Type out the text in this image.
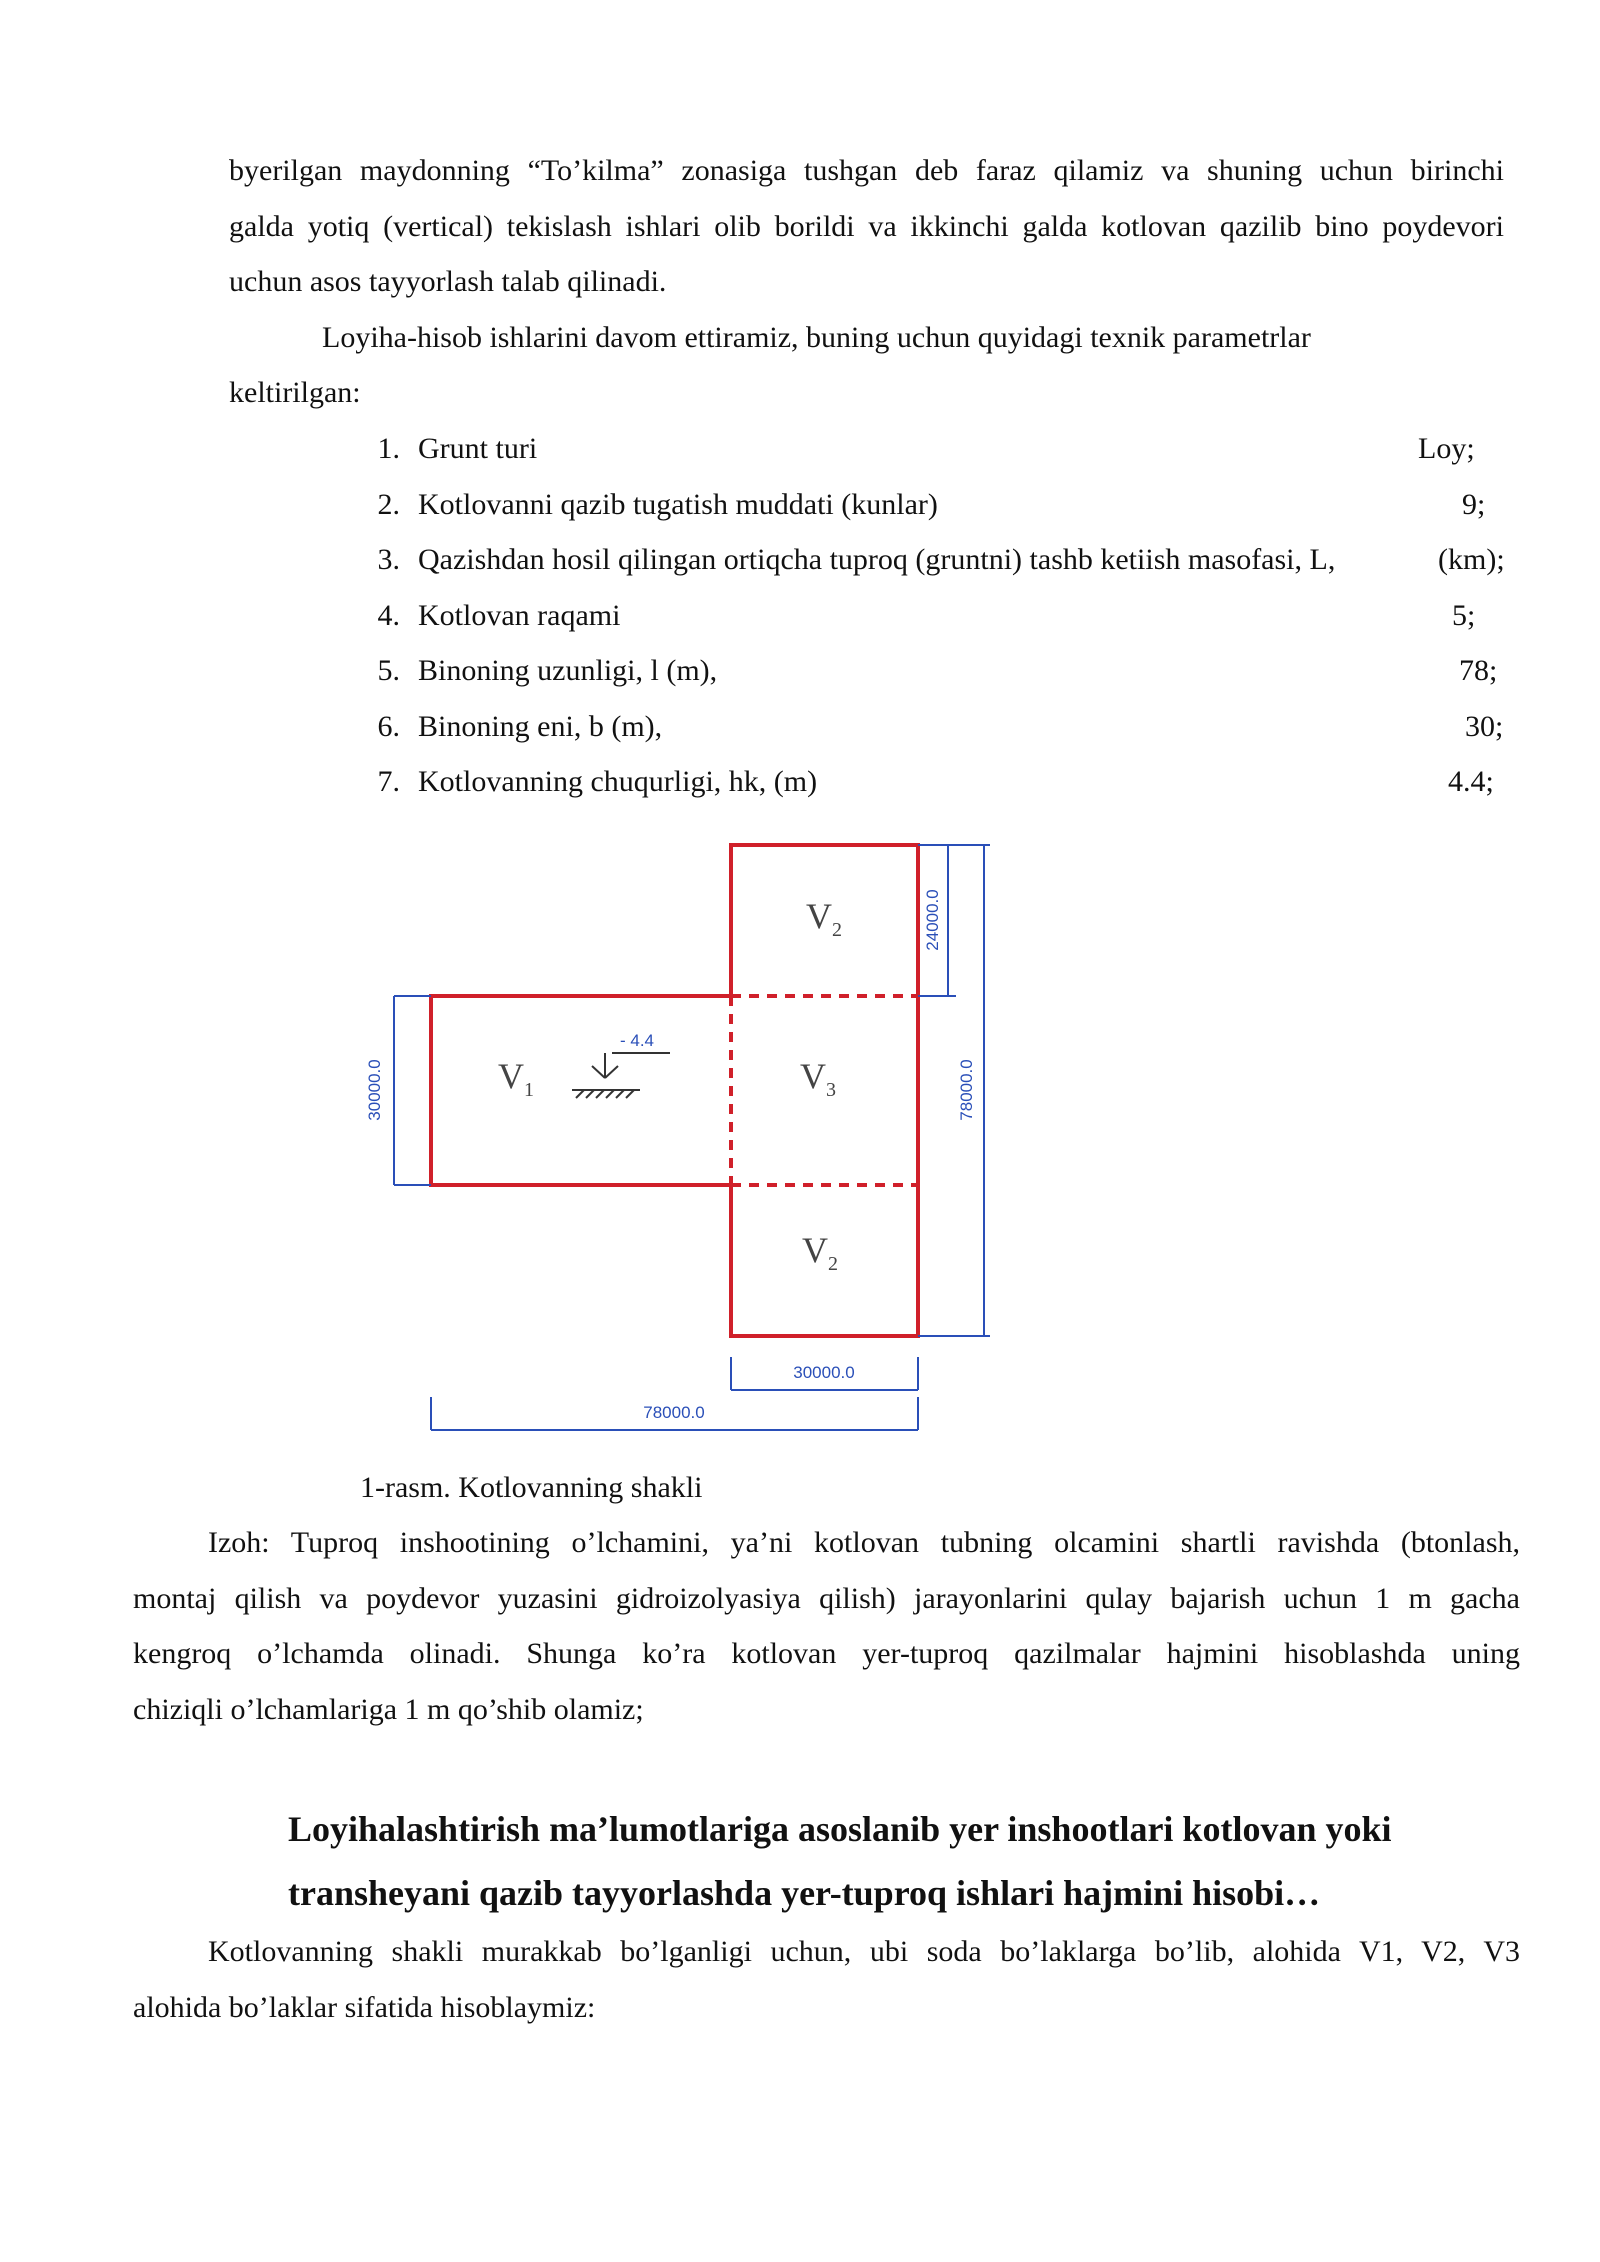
byerilgan maydonning “To’kilma” zonasiga tushgan deb faraz qilamiz va shuning uchun birinchi

galda yotiq (vertical) tekislash ishlari olib borildi va ikkinchi galda kotlovan qazilib bino poydevori

uchun asos tayyorlash talab qilinadi.

Loyiha-hisob ishlarini davom ettiramiz, buning uchun quyidagi texnik parametrlar

keltirilgan:

1. Grunt turi	Loy;
2. Kotlovanni qazib tugatish muddati (kunlar)	9;
3. Qazishdan hosil qilingan ortiqcha tuproq (gruntni) tashb ketiish masofasi, L,	(km);
4. Kotlovan raqami	5;
5. Binoning uzunligi, l (m),	78;
6. Binoning eni, b (m),	30;
7. Kotlovanning chuqurligi, hk, (m)	4.4;
$V_1$
$V_2$
$V_3$
$V_2$
- 4.4
30000.0
24000.0
78000.0
30000.0
78000.0

1-rasm. Kotlovanning shakli

Izoh: Tuproq inshootining o’lchamini, ya’ni kotlovan tubning olcamini shartli ravishda (btonlash,

montaj qilish va poydevor yuzasini gidroizolyasiya qilish) jarayonlarini qulay bajarish uchun 1 m gacha

kengroq o’lchamda olinadi. Shunga ko’ra kotlovan yer-tuproq qazilmalar hajmini hisoblashda uning

chiziqli o’lchamlariga 1 m qo’shib olamiz;

Loyihalashtirish ma’lumotlariga asoslanib yer inshootlari kotlovan yoki

transheyani qazib tayyorlashda yer-tuproq ishlari hajmini hisobi…

Kotlovanning shakli murakkab bo’lganligi uchun, ubi soda bo’laklarga bo’lib, alohida V1, V2, V3

alohida bo’laklar sifatida hisoblaymiz:
